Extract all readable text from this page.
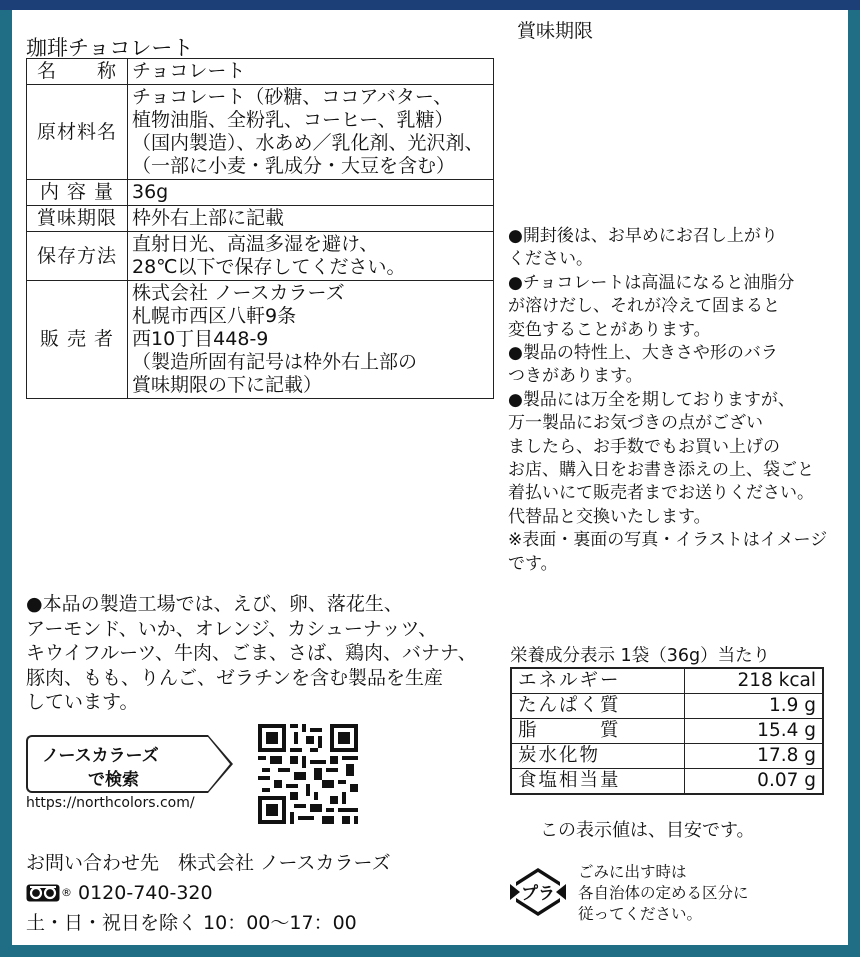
珈琲チョコレート
賞味期限
名　　称	チョコレート

原材料名	チョコレート（砂糖、ココアバター、
植物油脂、全粉乳、コーヒー、乳糖）
（国内製造）、水あめ／乳化剤、光沢剤、
（一部に小麦・乳成分・大豆を含む）

内 容 量	36g

賞味期限	枠外右上部に記載

保存方法	直射日光、高温多湿を避け、
28℃以下で保存してください。

販 売 者	株式会社 ノースカラーズ
札幌市西区八軒9条
西10丁目448-9
（製造所固有記号は枠外右上部の
賞味期限の下に記載）
●開封後は、お早めにお召し上がり
ください。
●チョコレートは高温になると油脂分
が溶けだし、それが冷えて固まると
変色することがあります。
●製品の特性上、大きさや形のバラ
つきがあります。
●製品には万全を期しておりますが、
万一製品にお気づきの点がござい
ましたら、お手数でもお買い上げの
お店、購入日をお書き添えの上、袋ごと
着払いにて販売者までお送りください。
代替品と交換いたします。
※表面・裏面の写真・イラストはイメージ
です。
●本品の製造工場では、えび、卵、落花生、
アーモンド、いか、オレンジ、カシューナッツ、
キウイフルーツ、牛肉、ごま、さば、鶏肉、バナナ、
豚肉、もも、りんご、ゼラチンを含む製品を生産
しています。
ノースカラーズ
で検索
https://northcolors.com/
お問い合わせ先　株式会社 ノースカラーズ
® 0120-740-320
土・日・祝日を除く 10：00〜17：00
栄養成分表示 1袋（36g）当たり
エネルギー	218 kcal
たんぱく質	1.9 g
脂　　　質	15.4 g
炭水化物	17.8 g
食塩相当量	0.07 g
この表示値は、目安です。
プラ
ごみに出す時は
各自治体の定める区分に
従ってください。
